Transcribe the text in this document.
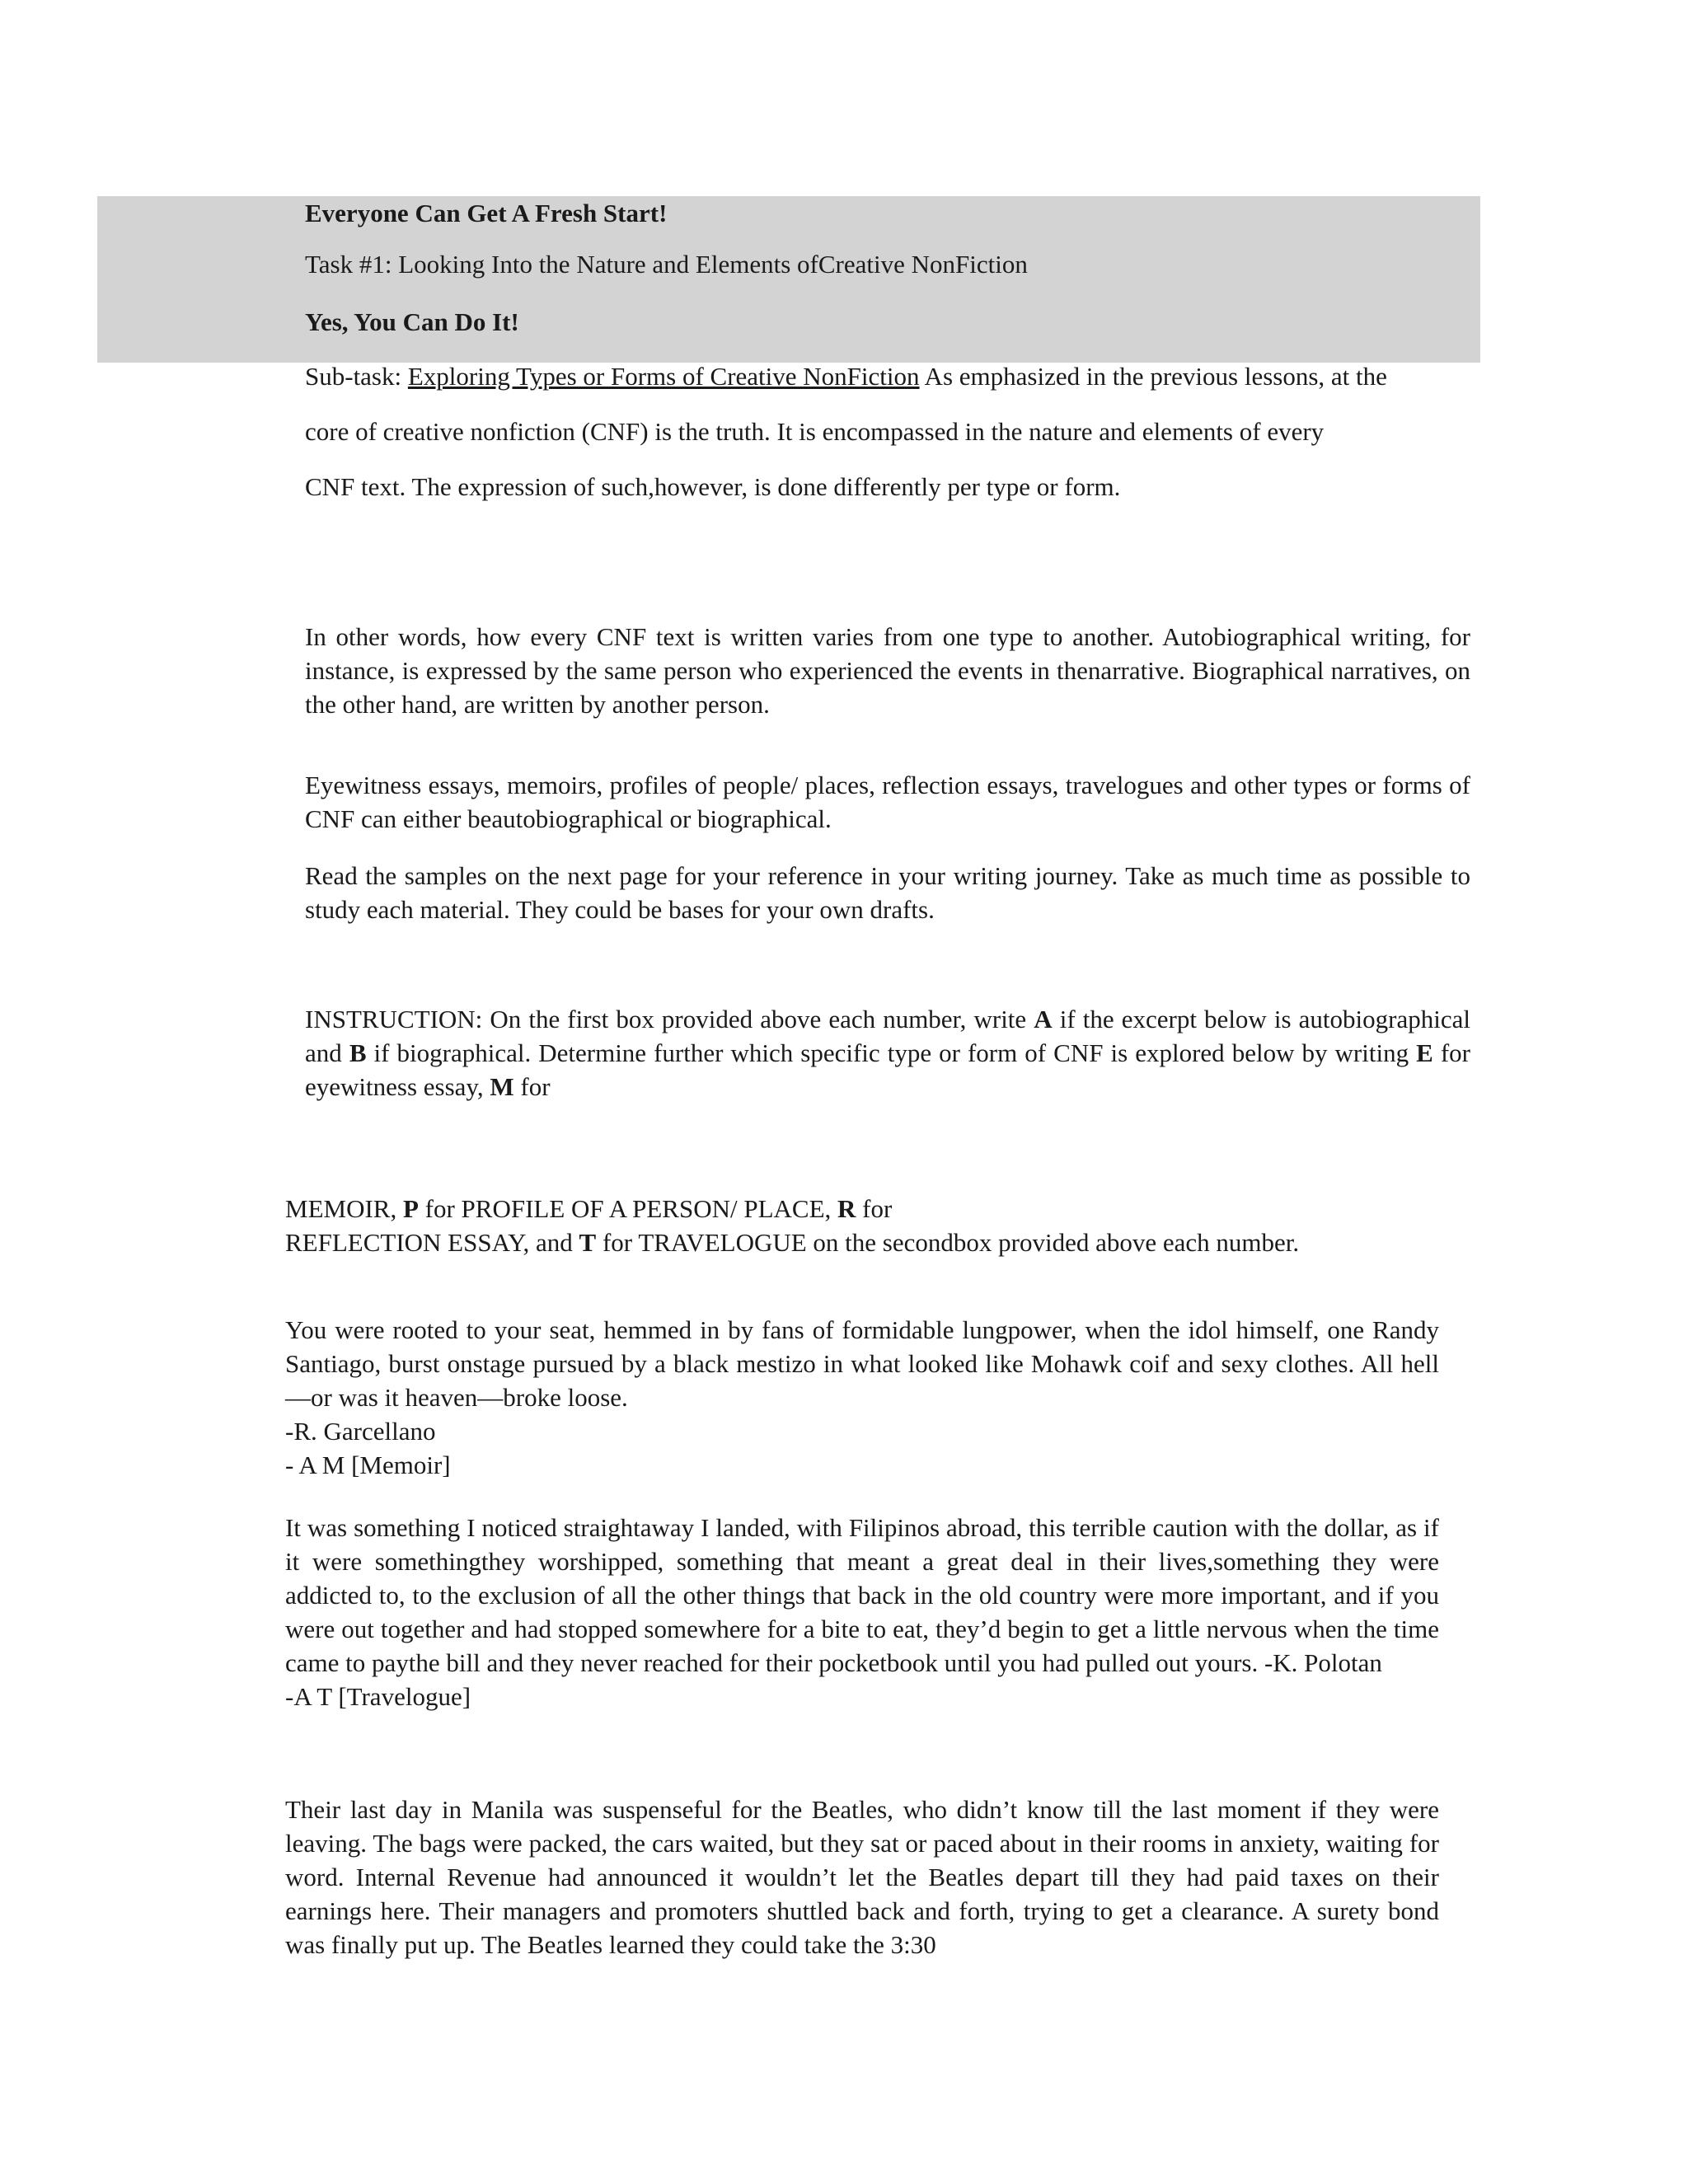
Everyone Can Get A Fresh Start!
Task #1: Looking Into the Nature and Elements ofCreative NonFiction
Yes, You Can Do It!
Sub-task: Exploring Types or Forms of Creative NonFiction As emphasized in the previous lessons, at the
core of creative nonfiction (CNF) is the truth. It is encompassed in the nature and elements of every
CNF text. The expression of such,however, is done differently per type or form.
In other words, how every CNF text is written varies from one type to another. Autobiographical writing, for instance, is expressed by the same person who experienced the events in thenarrative. Biographical narratives, on the other hand, are written by another person.
Eyewitness essays, memoirs, profiles of people/ places, reflection essays, travelogues and other types or forms of CNF can either beautobiographical or biographical.
Read the samples on the next page for your reference in your writing journey. Take as much time as possible to study each material. They could be bases for your own drafts.
INSTRUCTION: On the first box provided above each number, write A if the excerpt below is autobiographical and B if biographical. Determine further which specific type or form of CNF is explored below by writing E for eyewitness essay, M for
MEMOIR, P for PROFILE OF A PERSON/ PLACE, R for
REFLECTION ESSAY, and T for TRAVELOGUE on the secondbox provided above each number.
You were rooted to your seat, hemmed in by fans of formidable lungpower, when the idol himself, one Randy Santiago, burst onstage pursued by a black mestizo in what looked like Mohawk coif and sexy clothes. All hell—or was it heaven—broke loose.
-R. Garcellano
- A M [Memoir]
It was something I noticed straightaway I landed, with Filipinos abroad, this terrible caution with the dollar, as if it were somethingthey worshipped, something that meant a great deal in their lives,something they were addicted to, to the exclusion of all the other things that back in the old country were more important, and if you were out together and had stopped somewhere for a bite to eat, they’d begin to get a little nervous when the time came to paythe bill and they never reached for their pocketbook until you had pulled out yours. -K. Polotan
-A T [Travelogue]
Their last day in Manila was suspenseful for the Beatles, who didn’t know till the last moment if they were leaving. The bags were packed, the cars waited, but they sat or paced about in their rooms in anxiety, waiting for word. Internal Revenue had announced it wouldn’t let the Beatles depart till they had paid taxes on their earnings here. Their managers and promoters shuttled back and forth, trying to get a clearance. A surety bond was finally put up. The Beatles learned they could take the 3:30
